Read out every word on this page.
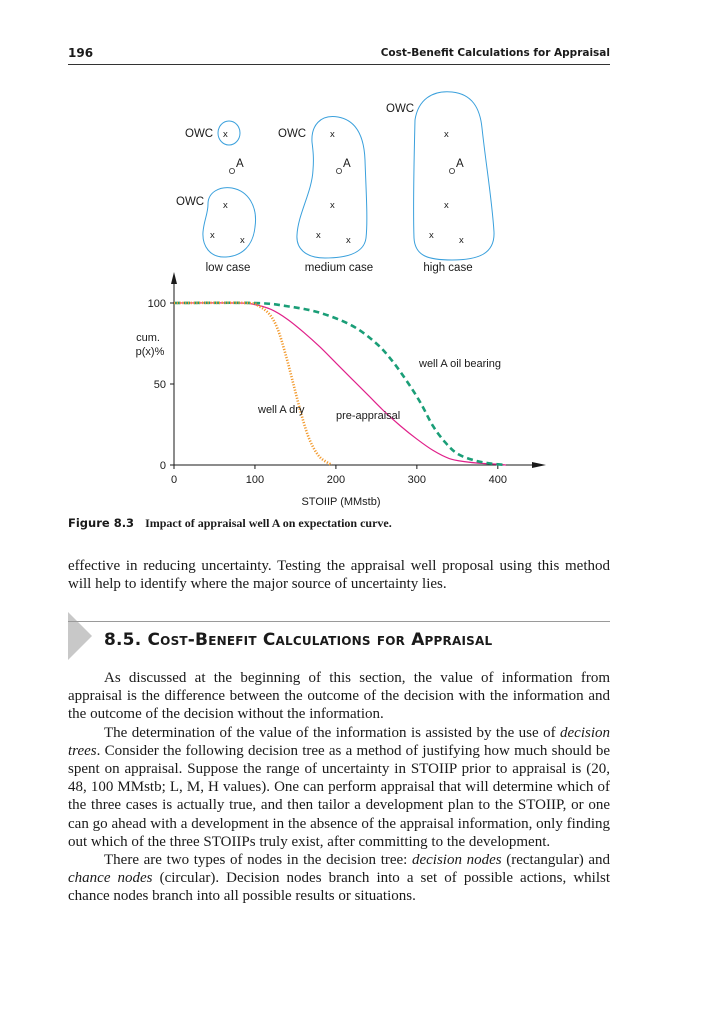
196	Cost-Benefit Calculations for Appraisal
OWC
OWC
OWC
OWC
A	A	A
x
x
x	x
x
x
x	x
x
x
x	x
low case	medium case	high case
0	100	200	300	400
0
50
100
cum.
p(x)%
STOIIP (MMstb)
well A oil bearing
well A dry	pre-appraisal
Figure 8.3 Impact of appraisal well A on expectation curve.

effective in reducing uncertainty. Testing the appraisal well proposal using this method will help to identify where the major source of uncertainty lies.

8.5. Cost-Benefit Calculations for Appraisal

As discussed at the beginning of this section, the value of information from appraisal is the difference between the outcome of the decision with the information and the outcome of the decision without the information.

The determination of the value of the information is assisted by the use of decision trees. Consider the following decision tree as a method of justifying how much should be spent on appraisal. Suppose the range of uncertainty in STOIIP prior to appraisal is (20, 48, 100 MMstb; L, M, H values). One can perform appraisal that will determine which of the three cases is actually true, and then tailor a development plan to the STOIIP, or one can go ahead with a development in the absence of the appraisal information, only finding out which of the three STOIIPs truly exist, after committing to the development.

There are two types of nodes in the decision tree: decision nodes (rectangular) and chance nodes (circular). Decision nodes branch into a set of possible actions, whilst chance nodes branch into all possible results or situations.
